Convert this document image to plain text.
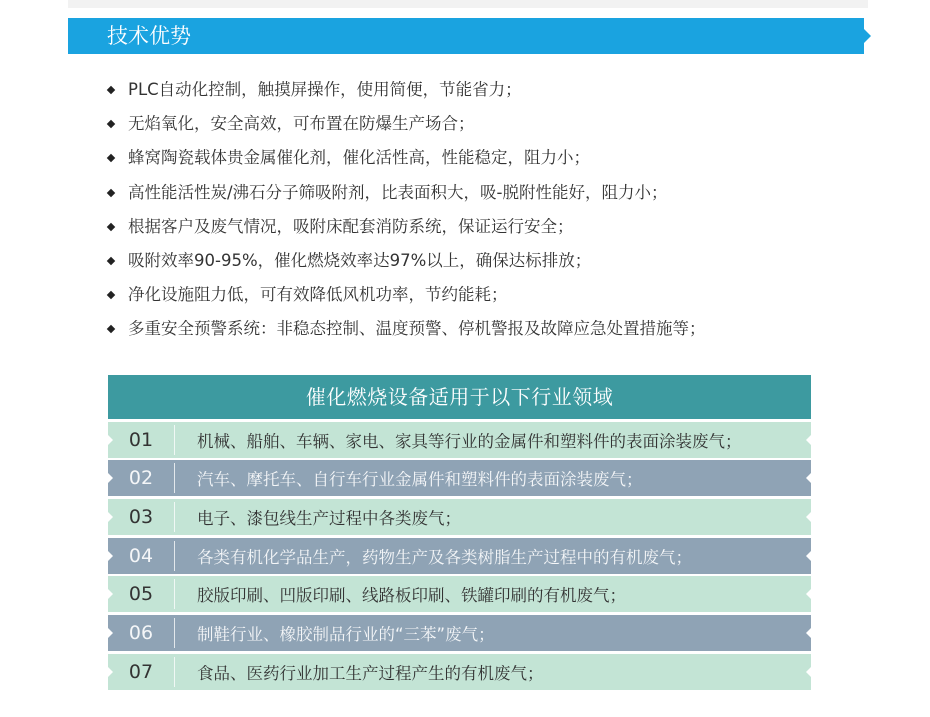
技术优势
PLC自动化控制，触摸屏操作，使用简便，节能省力；
无焰氧化，安全高效，可布置在防爆生产场合；
蜂窝陶瓷载体贵金属催化剂，催化活性高，性能稳定，阻力小；
高性能活性炭/沸石分子筛吸附剂，比表面积大，吸-脱附性能好，阻力小；
根据客户及废气情况，吸附床配套消防系统，保证运行安全；
吸附效率90-95%，催化燃烧效率达97%以上，确保达标排放；
净化设施阻力低，可有效降低风机功率，节约能耗；
多重安全预警系统：非稳态控制、温度预警、停机警报及故障应急处置措施等；
催化燃烧设备适用于以下行业领域
01	机械、船舶、车辆、家电、家具等行业的金属件和塑料件的表面涂装废气；
02	汽车、摩托车、自行车行业金属件和塑料件的表面涂装废气；
03	电子、漆包线生产过程中各类废气；
04	各类有机化学品生产，药物生产及各类树脂生产过程中的有机废气；
05	胶版印刷、凹版印刷、线路板印刷、铁罐印刷的有机废气；
06	制鞋行业、橡胶制品行业的“三苯”废气；
07	食品、医药行业加工生产过程产生的有机废气；
